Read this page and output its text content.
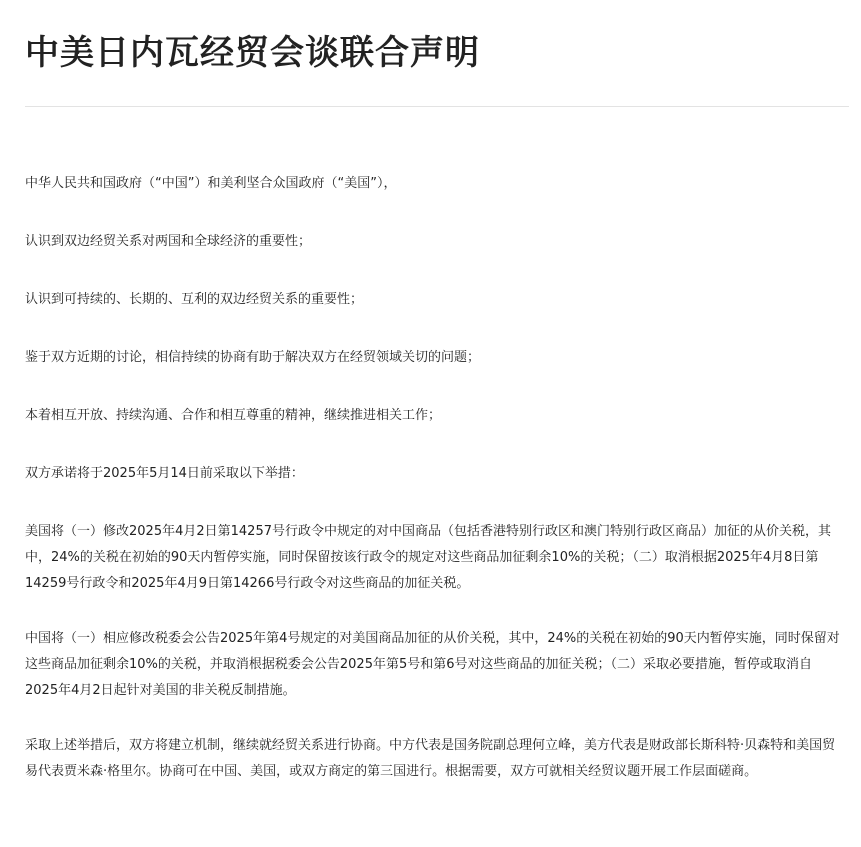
中美日内瓦经贸会谈联合声明

中华人民共和国政府（“中国”）和美利坚合众国政府（“美国”），

认识到双边经贸关系对两国和全球经济的重要性；

认识到可持续的、长期的、互利的双边经贸关系的重要性；

鉴于双方近期的讨论，相信持续的协商有助于解决双方在经贸领域关切的问题；

本着相互开放、持续沟通、合作和相互尊重的精神，继续推进相关工作；

双方承诺将于2025年5月14日前采取以下举措：

美国将（一）修改2025年4月2日第14257号行政令中规定的对中国商品（包括香港特别行政区和澳门特别行政区商品）加征的从价关税，其中，24%的关税在初始的90天内暂停实施，同时保留按该行政令的规定对这些商品加征剩余10%的关税；（二）取消根据2025年4月8日第14259号行政令和2025年4月9日第14266号行政令对这些商品的加征关税。

中国将（一）相应修改税委会公告2025年第4号规定的对美国商品加征的从价关税，其中，24%的关税在初始的90天内暂停实施，同时保留对这些商品加征剩余10%的关税，并取消根据税委会公告2025年第5号和第6号对这些商品的加征关税；（二）采取必要措施，暂停或取消自2025年4月2日起针对美国的非关税反制措施。

采取上述举措后，双方将建立机制，继续就经贸关系进行协商。中方代表是国务院副总理何立峰，美方代表是财政部长斯科特·贝森特和美国贸易代表贾米森·格里尔。协商可在中国、美国，或双方商定的第三国进行。根据需要，双方可就相关经贸议题开展工作层面磋商。
